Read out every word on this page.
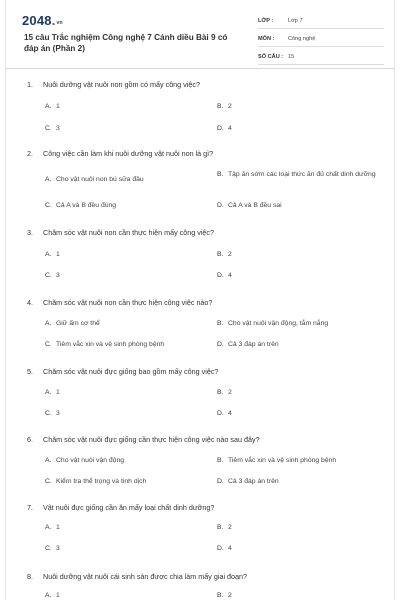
2048.$^{vn}$
15 câu Trắc nghiệm Công nghệ 7 Cánh diều Bài 9 có đáp án (Phần 2)
LỚP :	Lớp 7
MÔN :	Công nghệ
SỐ CÂU : 15
1. Nuôi dưỡng vật nuôi non gồm có mấy công việc?
A. 1	B. 2
C. 3	D. 4
2. Công việc cần làm khi nuôi dưỡng vật nuôi non là gì?
A. Cho vật nuôi non bú sữa đầu
B. Tập ăn sớm các loại thức ăn đủ chất dinh dưỡng
C. Cả A và B đều đúng	D. Cả A và B đều sai
3. Chăm sóc vật nuôi non cần thực hiện mấy công việc?
A. 1	B. 2
C. 3	D. 4
4. Chăm sóc vật nuôi non cần thực hiện công việc nào?
A. Giữ ấm cơ thể	B. Cho vật nuôi vận động, tắm nắng
C. Tiêm vắc xin và vệ sinh phòng bệnh	D. Cả 3 đáp án trên
5. Chăm sóc vật nuôi đực giống bao gồm mấy công việc?
A. 1	B. 2
C. 3	D. 4
6. Chăm sóc vật nuôi đực giống cần thực hiện công việc nào sau đây?
A. Cho vật nuôi vận động	B. Tiêm vắc xin và vệ sinh phòng bệnh
C. Kiểm tra thể trọng và tinh dịch	D. Cả 3 đáp án trên
7. Vật nuôi đực giống cần ăn mấy loại chất dinh dưỡng?
A. 1	B. 2
C. 3	D. 4
8. Nuôi dưỡng vật nuôi cái sinh sản được chia làm mấy giai đoạn?
A. 1	B. 2
